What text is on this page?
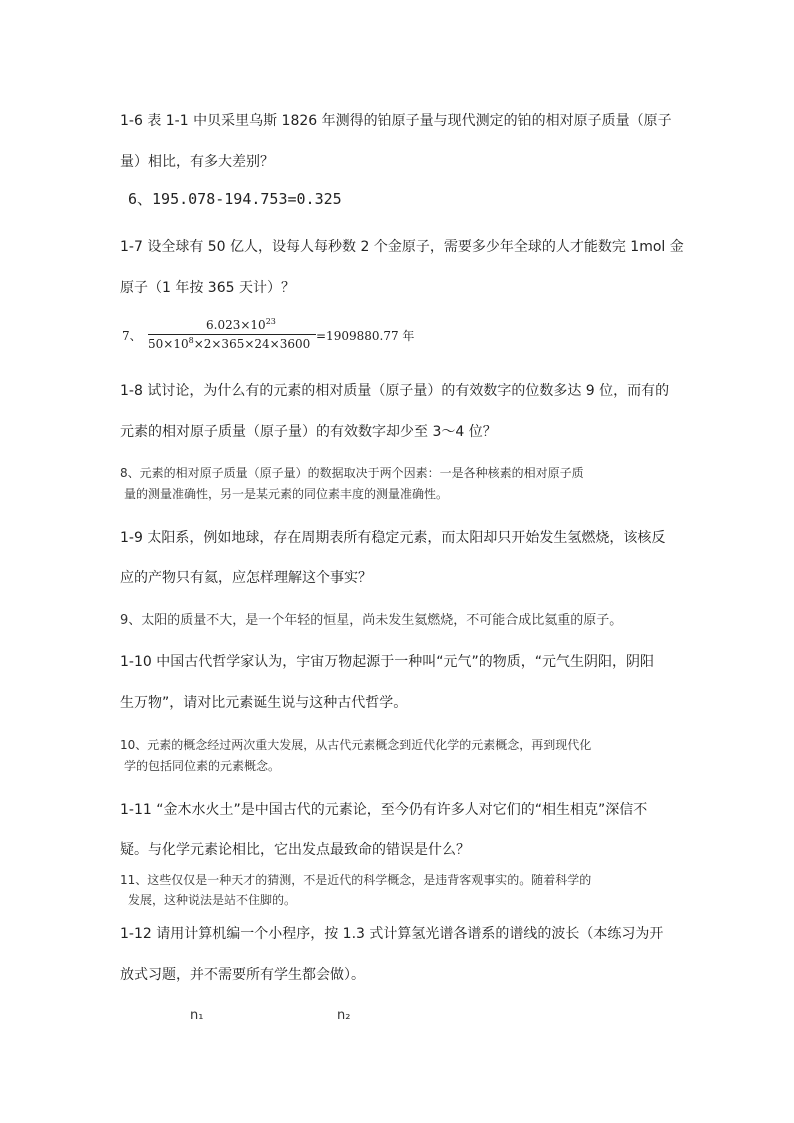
1-6 表 1-1 中贝采里乌斯 1826 年测得的铂原子量与现代测定的铂的相对原子质量（原子

量）相比，有多大差别？

6、195.078-194.753=0.325

1-7 设全球有 50 亿人，设每人每秒数 2 个金原子，需要多少年全球的人才能数完 1mol 金

原子（1 年按 365 天计）？

7、
$6.023\times 10^{23}$
$50\times 10^8\times 2\times 365\times 24\times 3600$
=1909880.77 年

1-8 试讨论，为什么有的元素的相对质量（原子量）的有效数字的位数多达 9 位，而有的

元素的相对原子质量（原子量）的有效数字却少至 3～4 位？

8、元素的相对原子质量（原子量）的数据取决于两个因素：一是各种核素的相对原子质

量的测量准确性，另一是某元素的同位素丰度的测量准确性。

1-9 太阳系，例如地球，存在周期表所有稳定元素，而太阳却只开始发生氢燃烧，该核反

应的产物只有氦，应怎样理解这个事实？

9、太阳的质量不大，是一个年轻的恒星，尚未发生氦燃烧，不可能合成比氦重的原子。

1-10 中国古代哲学家认为，宇宙万物起源于一种叫“元气”的物质，“元气生阴阳，阴阳

生万物”，请对比元素诞生说与这种古代哲学。

10、元素的概念经过两次重大发展，从古代元素概念到近代化学的元素概念，再到现代化

学的包括同位素的元素概念。

1-11 “金木水火土”是中国古代的元素论，至今仍有许多人对它们的“相生相克”深信不

疑。与化学元素论相比，它出发点最致命的错误是什么？

11、这些仅仅是一种天才的猜测，不是近代的科学概念，是违背客观事实的。随着科学的

发展，这种说法是站不住脚的。

1-12 请用计算机编一个小程序，按 1.3 式计算氢光谱各谱系的谱线的波长（本练习为开

放式习题，并不需要所有学生都会做）。

n₁	n₂
